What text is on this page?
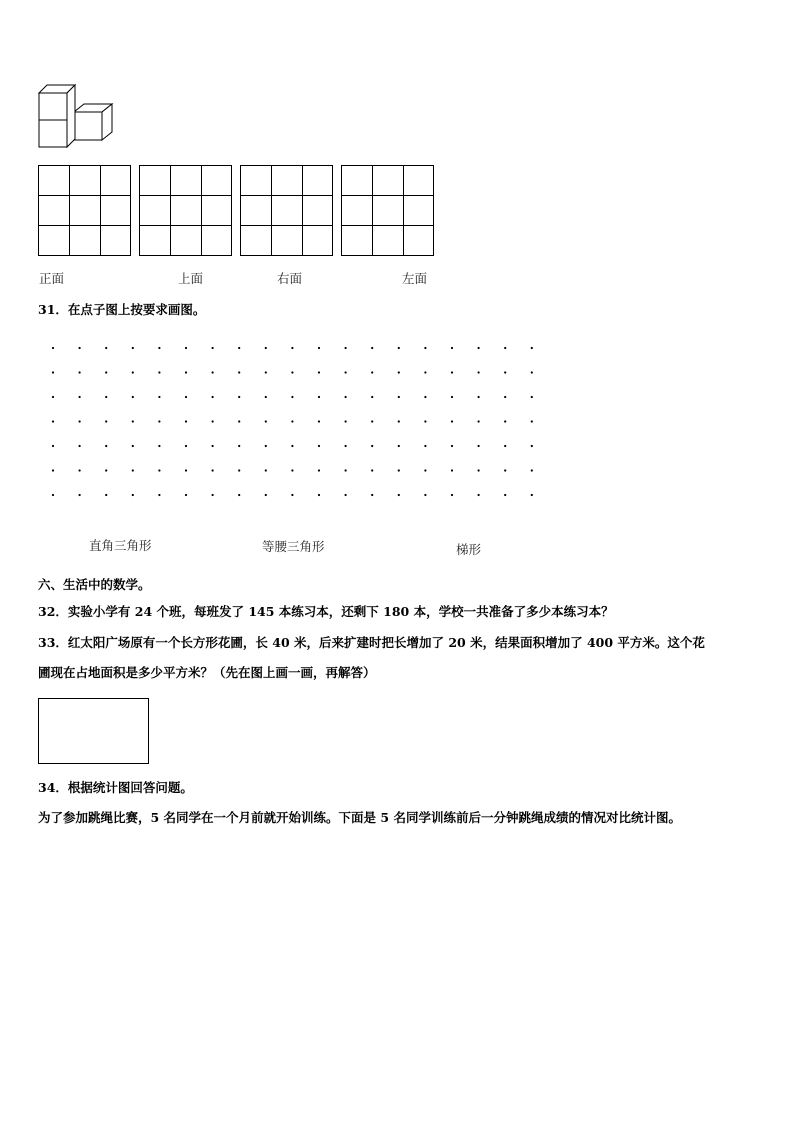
正面	上面	右面	左面
31．在点子图上按要求画图。
直角三角形	等腰三角形	梯形
六、生活中的数学。
32．实验小学有 24 个班，每班发了 145 本练习本，还剩下 180 本，学校一共准备了多少本练习本？
33．红太阳广场原有一个长方形花圃，长 40 米，后来扩建时把长增加了 20 米，结果面积增加了 400 平方米。这个花
圃现在占地面积是多少平方米？（先在图上画一画，再解答）
34．根据统计图回答问题。
为了参加跳绳比赛，5 名同学在一个月前就开始训练。下面是 5 名同学训练前后一分钟跳绳成绩的情况对比统计图。
